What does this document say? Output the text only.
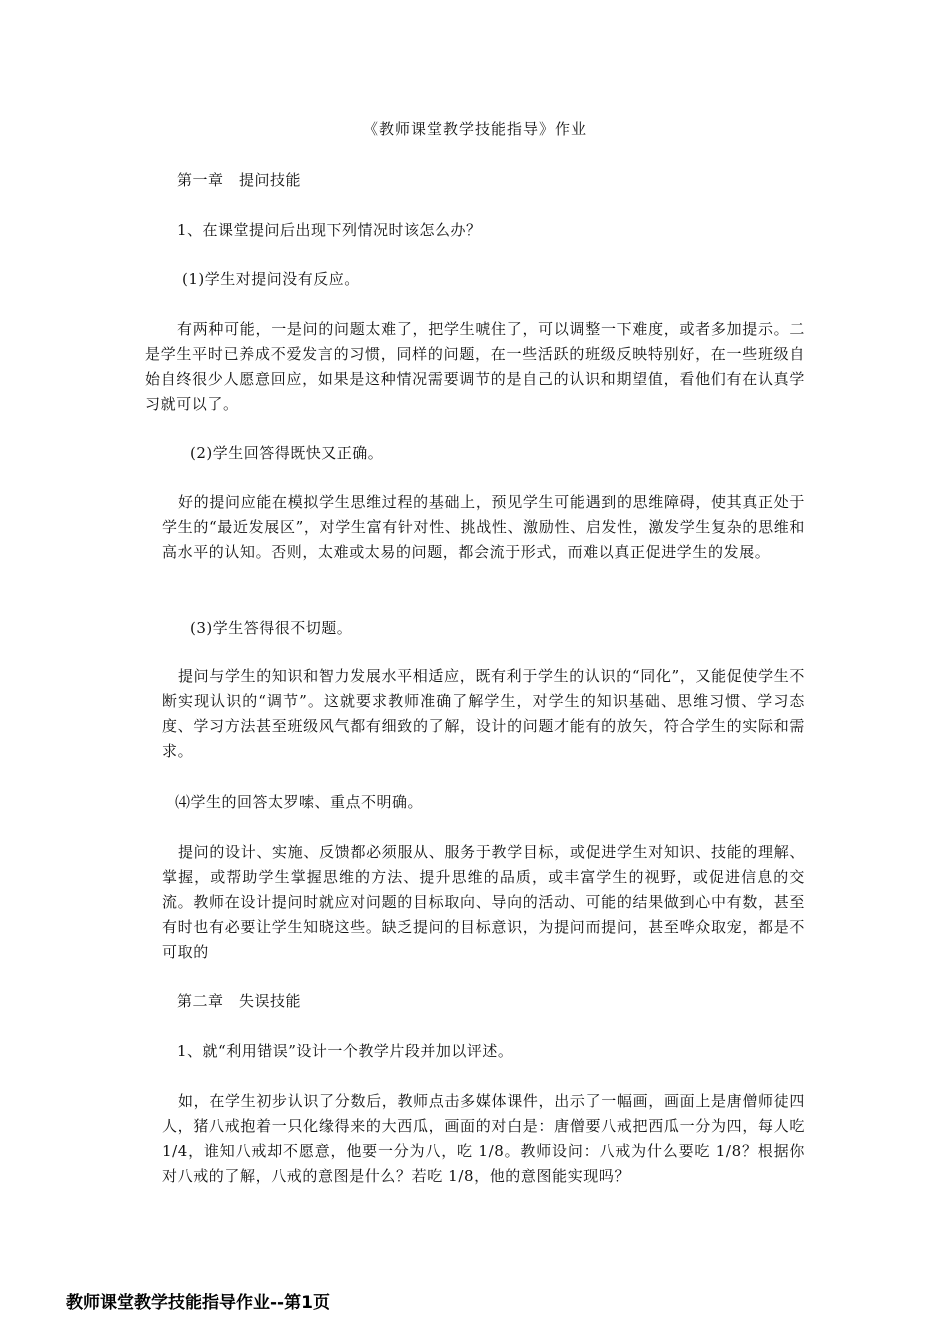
《教师课堂教学技能指导》作业
第一章　提问技能
1、在课堂提问后出现下列情况时该怎么办？
(1)学生对提问没有反应。
有两种可能，一是问的问题太难了，把学生唬住了，可以调整一下难度，或者多加提示。二是学生平时已养成不爱发言的习惯，同样的问题，在一些活跃的班级反映特别好，在一些班级自始自终很少人愿意回应，如果是这种情况需要调节的是自己的认识和期望值，看他们有在认真学习就可以了。
(2)学生回答得既快又正确。
好的提问应能在模拟学生思维过程的基础上，预见学生可能遇到的思维障碍，使其真正处于学生的“最近发展区”，对学生富有针对性、挑战性、激励性、启发性，激发学生复杂的思维和高水平的认知。否则，太难或太易的问题，都会流于形式，而难以真正促进学生的发展。
(3)学生答得很不切题。
提问与学生的知识和智力发展水平相适应，既有利于学生的认识的“同化”，又能促使学生不断实现认识的“调节”。这就要求教师准确了解学生，对学生的知识基础、思维习惯、学习态度、学习方法甚至班级风气都有细致的了解，设计的问题才能有的放矢，符合学生的实际和需求。
⑷学生的回答太罗嗦、重点不明确。
提问的设计、实施、反馈都必须服从、服务于教学目标，或促进学生对知识、技能的理解、掌握，或帮助学生掌握思维的方法、提升思维的品质，或丰富学生的视野，或促进信息的交流。教师在设计提问时就应对问题的目标取向、导向的活动、可能的结果做到心中有数，甚至有时也有必要让学生知晓这些。缺乏提问的目标意识，为提问而提问，甚至哗众取宠，都是不可取的
第二章　失误技能
1、就“利用错误”设计一个教学片段并加以评述。
如，在学生初步认识了分数后，教师点击多媒体课件，出示了一幅画，画面上是唐僧师徒四人，猪八戒抱着一只化缘得来的大西瓜，画面的对白是：唐僧要八戒把西瓜一分为四，每人吃 1/4，谁知八戒却不愿意，他要一分为八，吃 1/8。教师设问：八戒为什么要吃 1/8？根据你对八戒的了解，八戒的意图是什么？若吃 1/8，他的意图能实现吗？
教师课堂教学技能指导作业--第1页
